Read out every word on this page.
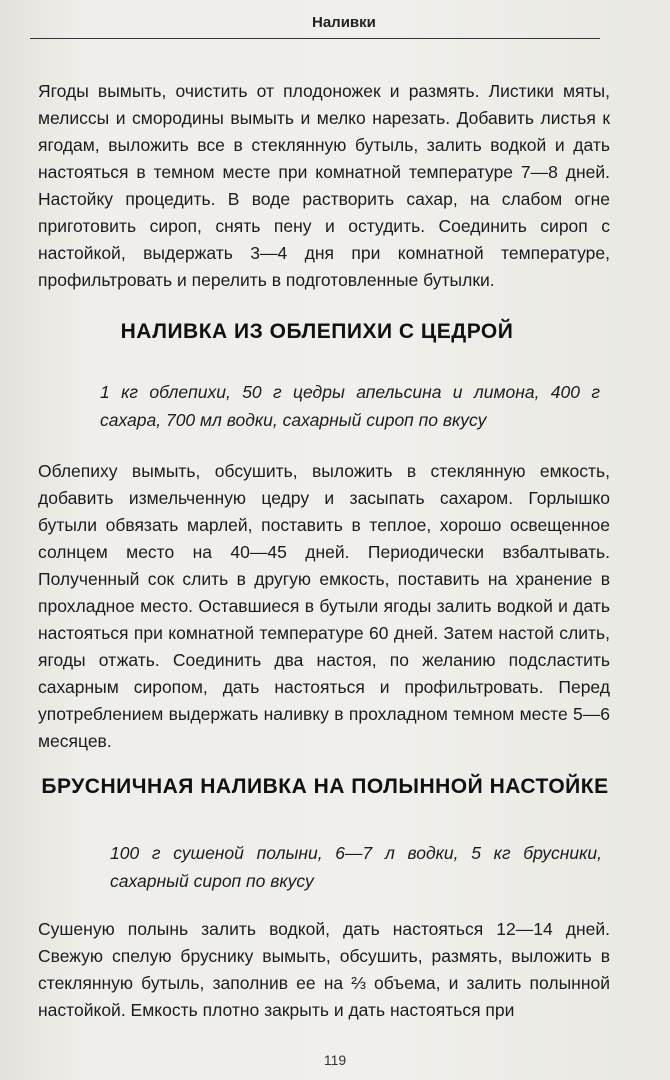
Наливки

Ягоды вымыть, очистить от плодоножек и размять. Листики мяты, мелиссы и смородины вымыть и мелко нарезать. Добавить листья к ягодам, выложить все в стеклянную бутыль, залить водкой и дать настояться в темном месте при комнатной температуре 7—8 дней. Настойку процедить. В воде растворить сахар, на слабом огне приготовить сироп, снять пену и остудить. Соединить сироп с настойкой, выдержать 3—4 дня при комнатной температуре, профильтровать и перелить в подготовленные бутылки.

НАЛИВКА ИЗ ОБЛЕПИХИ С ЦЕДРОЙ

1 кг облепихи, 50 г цедры апельсина и лимона, 400 г сахара, 700 мл водки, сахарный сироп по вкусу

Облепиху вымыть, обсушить, выложить в стеклянную емкость, добавить измельченную цедру и засыпать сахаром. Горлышко бутыли обвязать марлей, поставить в теплое, хорошо освещенное солнцем место на 40—45 дней. Периодически взбалтывать. Полученный сок слить в другую емкость, поставить на хранение в прохладное место. Оставшиеся в бутыли ягоды залить водкой и дать настояться при комнатной температуре 60 дней. Затем настой слить, ягоды отжать. Соединить два настоя, по желанию подсластить сахарным сиропом, дать настояться и профильтровать. Перед употреблением выдержать наливку в прохладном темном месте 5—6 месяцев.

БРУСНИЧНАЯ НАЛИВКА НА ПОЛЫННОЙ НАСТОЙКЕ

100 г сушеной полыни, 6—7 л водки, 5 кг брусники, сахарный сироп по вкусу

Сушеную полынь залить водкой, дать настояться 12—14 дней. Свежую спелую бруснику вымыть, обсушить, размять, выложить в стеклянную бутыль, заполнив ее на ⅔ объема, и залить полынной настойкой. Емкость плотно закрыть и дать настояться при

119
